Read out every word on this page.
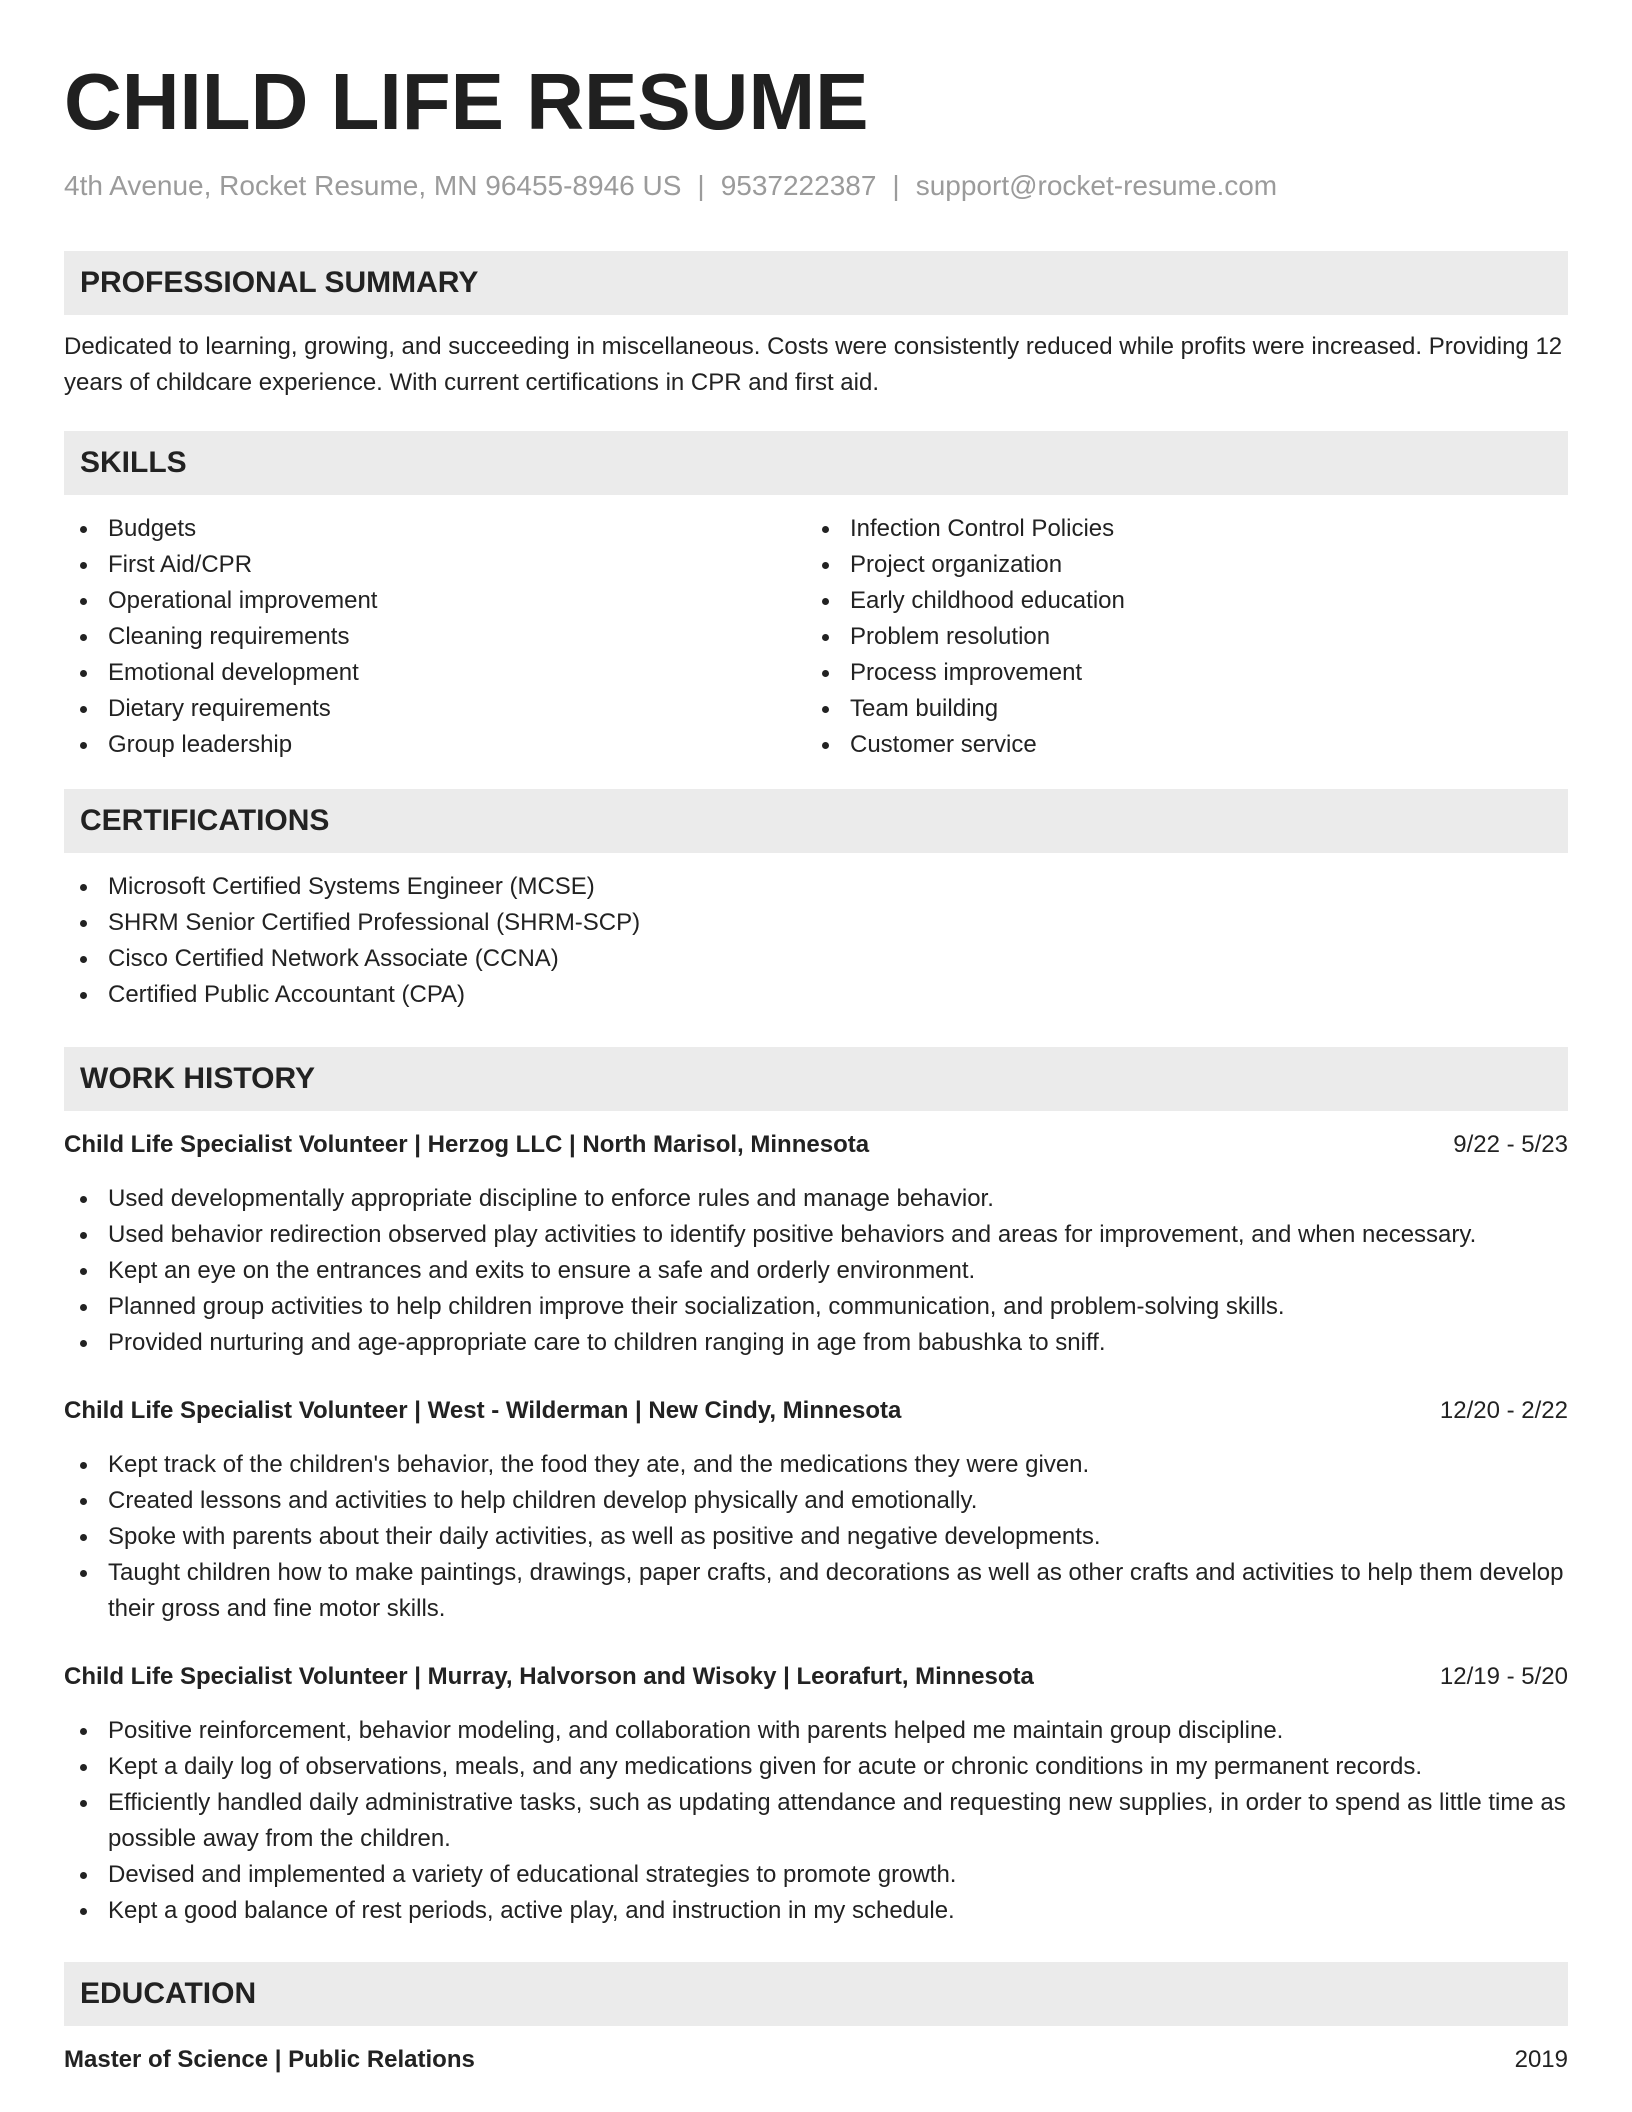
CHILD LIFE RESUME
4th Avenue, Rocket Resume, MN 96455-8946 US | 9537222387 | support@rocket-resume.com
PROFESSIONAL SUMMARY

Dedicated to learning, growing, and succeeding in miscellaneous. Costs were consistently reduced while profits were increased. Providing 12 years of childcare experience. With current certifications in CPR and first aid.

SKILLS
Budgets
First Aid/CPR
Operational improvement
Cleaning requirements
Emotional development
Dietary requirements
Group leadership
Infection Control Policies
Project organization
Early childhood education
Problem resolution
Process improvement
Team building
Customer service
CERTIFICATIONS
Microsoft Certified Systems Engineer (MCSE)
SHRM Senior Certified Professional (SHRM-SCP)
Cisco Certified Network Associate (CCNA)
Certified Public Accountant (CPA)
WORK HISTORY
Child Life Specialist Volunteer | Herzog LLC | North Marisol, Minnesota	9/22 - 5/23
Used developmentally appropriate discipline to enforce rules and manage behavior.
Used behavior redirection observed play activities to identify positive behaviors and areas for improvement, and when necessary.
Kept an eye on the entrances and exits to ensure a safe and orderly environment.
Planned group activities to help children improve their socialization, communication, and problem-solving skills.
Provided nurturing and age-appropriate care to children ranging in age from babushka to sniff.
Child Life Specialist Volunteer | West - Wilderman | New Cindy, Minnesota	12/20 - 2/22
Kept track of the children's behavior, the food they ate, and the medications they were given.
Created lessons and activities to help children develop physically and emotionally.
Spoke with parents about their daily activities, as well as positive and negative developments.
Taught children how to make paintings, drawings, paper crafts, and decorations as well as other crafts and activities to help them develop their gross and fine motor skills.
Child Life Specialist Volunteer | Murray, Halvorson and Wisoky | Leorafurt, Minnesota	12/19 - 5/20
Positive reinforcement, behavior modeling, and collaboration with parents helped me maintain group discipline.
Kept a daily log of observations, meals, and any medications given for acute or chronic conditions in my permanent records.
Efficiently handled daily administrative tasks, such as updating attendance and requesting new supplies, in order to spend as little time as possible away from the children.
Devised and implemented a variety of educational strategies to promote growth.
Kept a good balance of rest periods, active play, and instruction in my schedule.
EDUCATION
Master of Science | Public Relations	2019
